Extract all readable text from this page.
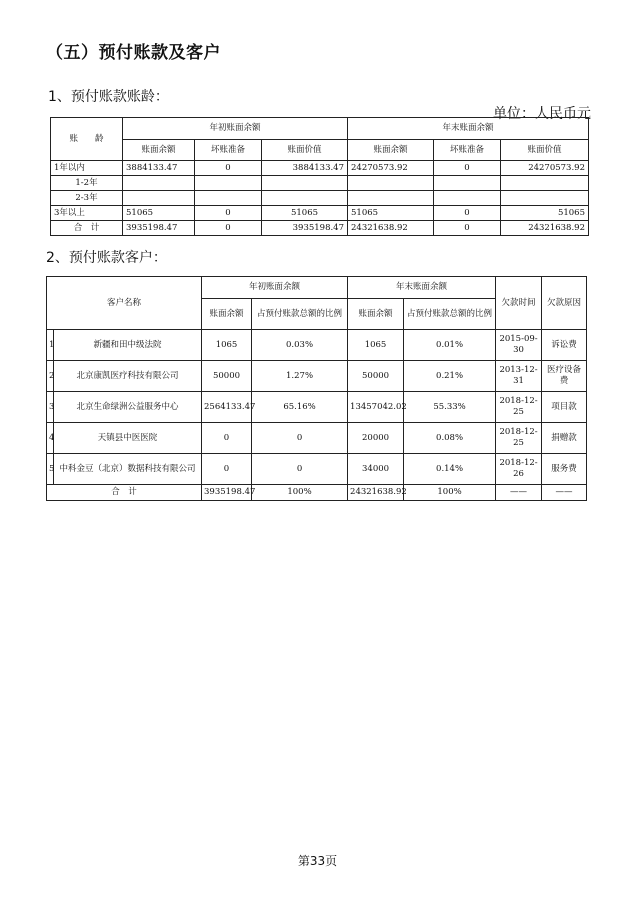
（五）预付账款及客户
1、预付账款账龄：
单位：人民币元
账　　龄	年初账面余额			年末账面余额		
	账面余额	坏账准备	账面价值	账面余额	坏账准备	账面价值
1年以内	3884133.47	0	3884133.47	24270573.92	0	24270573.92
1-2年						
2-3年						
3年以上	51065	0	51065	51065	0	51065
合　计	3935198.47	0	3935198.47	24321638.92	0	24321638.92
2、预付账款客户：
客户名称		年初账面余额		年末账面余额		欠款时间	欠款原因
		账面余额	占预付账款总额的比例	账面余额	占预付账款总额的比例		
1	新疆和田中级法院	1065	0.03%	1065	0.01%	2015-09-30	诉讼费
2	北京康凯医疗科技有限公司	50000	1.27%	50000	0.21%	2013-12-31	医疗设备费
3	北京生命绿洲公益服务中心	2564133.47	65.16%	13457042.02	55.33%	2018-12-25	项目款
4	天镇县中医医院	0	0	20000	0.08%	2018-12-25	捐赠款
5	中科金豆（北京）数据科技有限公司	0	0	34000	0.14%	2018-12-26	服务费
合　计		3935198.47	100%	24321638.92	100%	——	——
第33页
